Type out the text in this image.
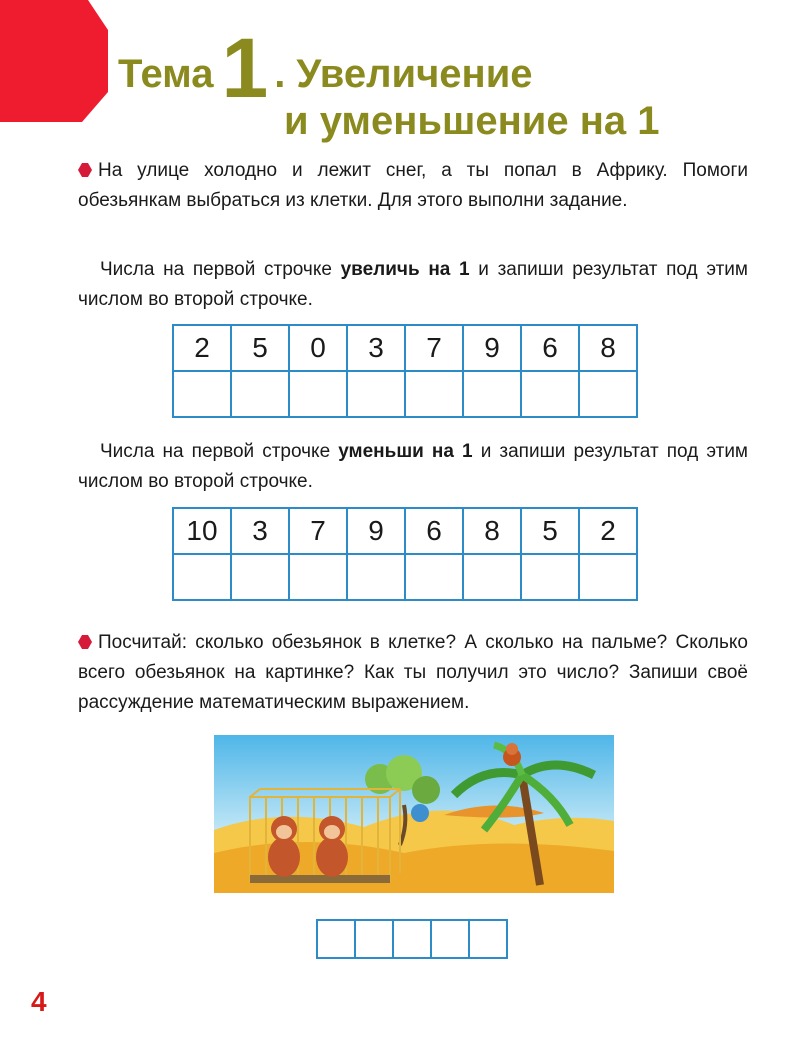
Тема 1 . Увеличение
и уменьшение на 1

На улице холодно и лежит снег, а ты попал в Африку. Помоги обезьянкам выбраться из клетки. Для этого выполни задание.

Числа на первой строчке увеличь на 1 и запиши результат под этим числом во второй строчке.

2	5	0	3	7	9	6	8

Числа на первой строчке уменьши на 1 и запиши результат под этим числом во второй строчке.

10	3	7	9	6	8	5	2

Посчитай: сколько обезьянок в клетке? А сколько на пальме? Сколько всего обезьянок на картинке? Как ты получил это число? Запиши своё рассуждение математическим выражением.

4
